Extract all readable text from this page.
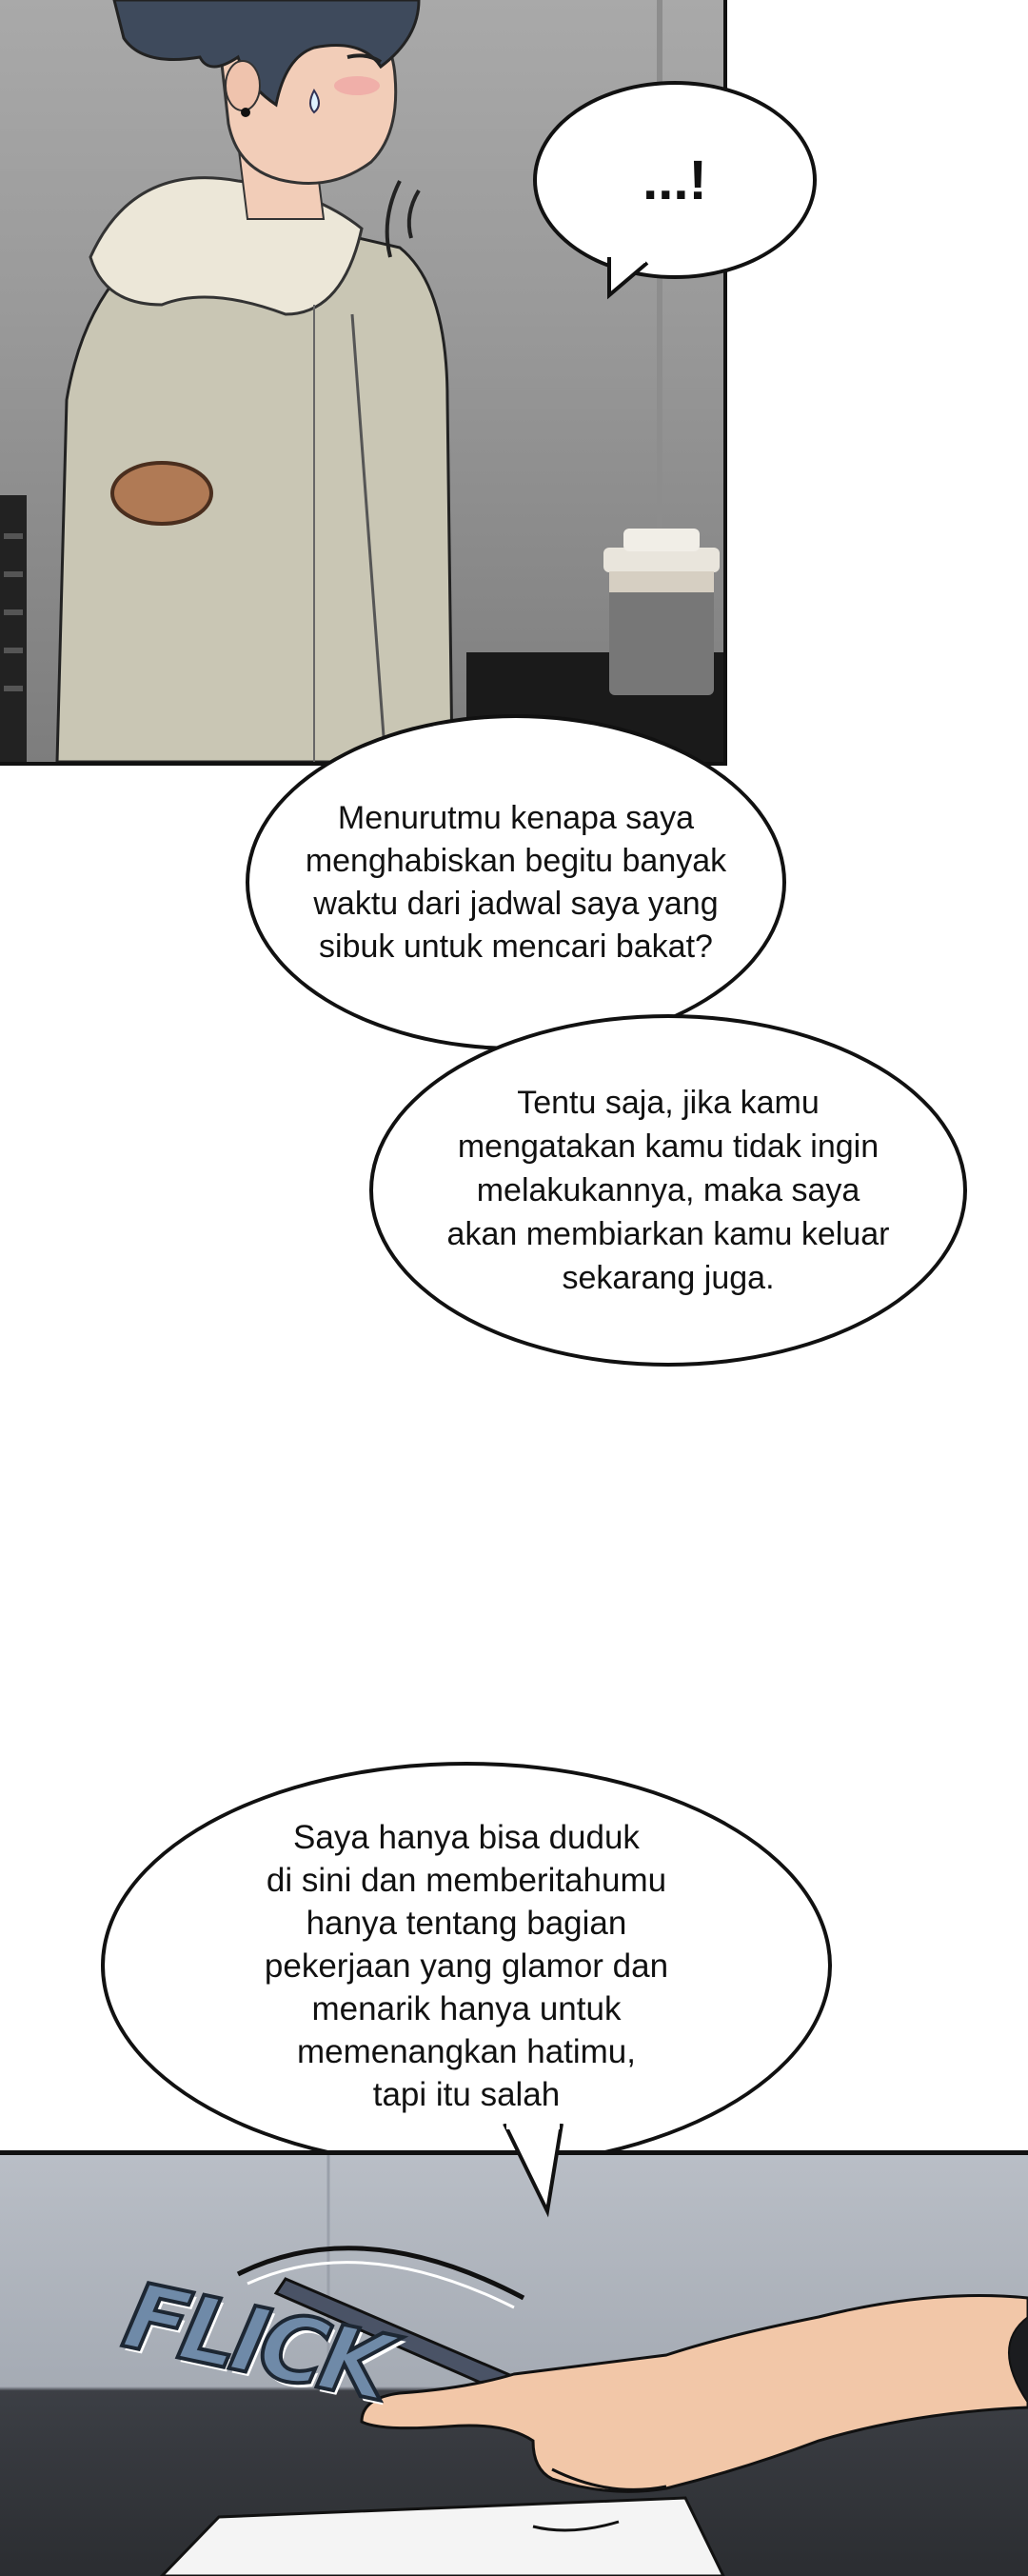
...!
Menurutmu kenapa saya
menghabiskan begitu banyak
waktu dari jadwal saya yang
sibuk untuk mencari bakat?
Tentu saja, jika kamu
mengatakan kamu tidak ingin
melakukannya, maka saya
akan membiarkan kamu keluar
sekarang juga.
Saya hanya bisa duduk
di sini dan memberitahumu
hanya tentang bagian
pekerjaan yang glamor dan
menarik hanya untuk
memenangkan hatimu,
tapi itu salah
FLICK
